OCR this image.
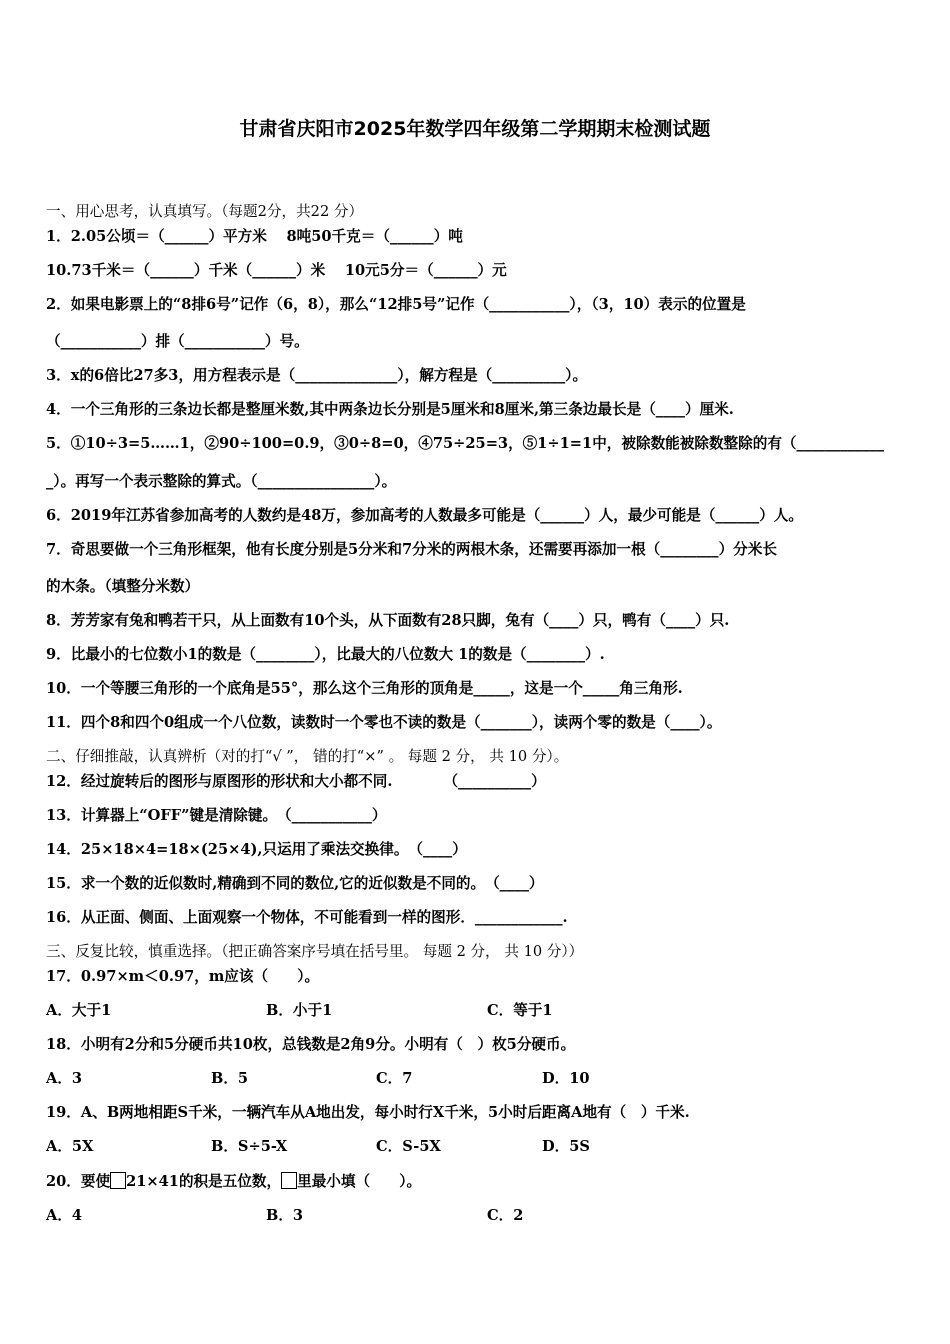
甘肃省庆阳市2025年数学四年级第二学期期末检测试题
一、用心思考，认真填写。（每题2分，共22 分）
1．2.05公顷＝（______）平方米　 8吨50千克＝（______）吨
10.73千米＝（______）千米（______）米　 10元5分＝（______）元
2．如果电影票上的“8排6号”记作（6，8），那么“12排5号”记作（___________），（3，10）表示的位置是
（___________）排（___________）号。
3．x的6倍比27多3，用方程表示是（______________），解方程是（__________）。
4．一个三角形的三条边长都是整厘米数,其中两条边长分别是5厘米和8厘米,第三条边最长是（____）厘米.
5．①10÷3=5……1，②90÷100=0.9，③0÷8=0，④75÷25=3，⑤1÷1=1中，被除数能被除数整除的有（____________
_）。再写一个表示整除的算式。（________________）。
6．2019年江苏省参加高考的人数约是48万，参加高考的人数最多可能是（______）人，最少可能是（______）人。
7．奇思要做一个三角形框架，他有长度分别是5分米和7分米的两根木条，还需要再添加一根（________）分米长
的木条。（填整分米数）
8．芳芳家有兔和鸭若干只，从上面数有10个头，从下面数有28只脚，兔有（____）只，鸭有（____）只.
9．比最小的七位数小1的数是（________），比最大的八位数大 1的数是（________）.
10．一个等腰三角形的一个底角是55°，那么这个三角形的顶角是_____，这是一个_____角三角形.
11．四个8和四个0组成一个八位数，读数时一个零也不读的数是（_______），读两个零的数是（____）。
二、仔细推敲，认真辨析（对的打“√ ”， 错的打“×” 。 每题 2 分， 共 10 分）。
12．经过旋转后的图形与原图形的形状和大小都不同.　　　　（__________）
13．计算器上“OFF”键是清除键。　（___________）
14．25×18×4=18×(25×4),只运用了乘法交换律。　（____）
15．求一个数的近似数时,精确到不同的数位,它的近似数是不同的。　（____）
16．从正面、侧面、上面观察一个物体，不可能看到一样的图形．____________.
三、反复比较，慎重选择。（把正确答案序号填在括号里。 每题 2 分， 共 10 分））
17．0.97×m＜0.97，m应该（　　）。
A．大于1	B．小于1	C．等于1
18．小明有2分和5分硬币共10枚，总钱数是2角9分。小明有（　）枚5分硬币。
A．3	B．5	C．7	D．10
19．A、B两地相距S千米，一辆汽车从A地出发，每小时行X千米，5小时后距离A地有（　）千米.
A．5X	B．S÷5-X	C．S-5X	D．5S
20．要使 21×41的积是五位数， 里最小填（　　）。
A．4	B．3	C．2
